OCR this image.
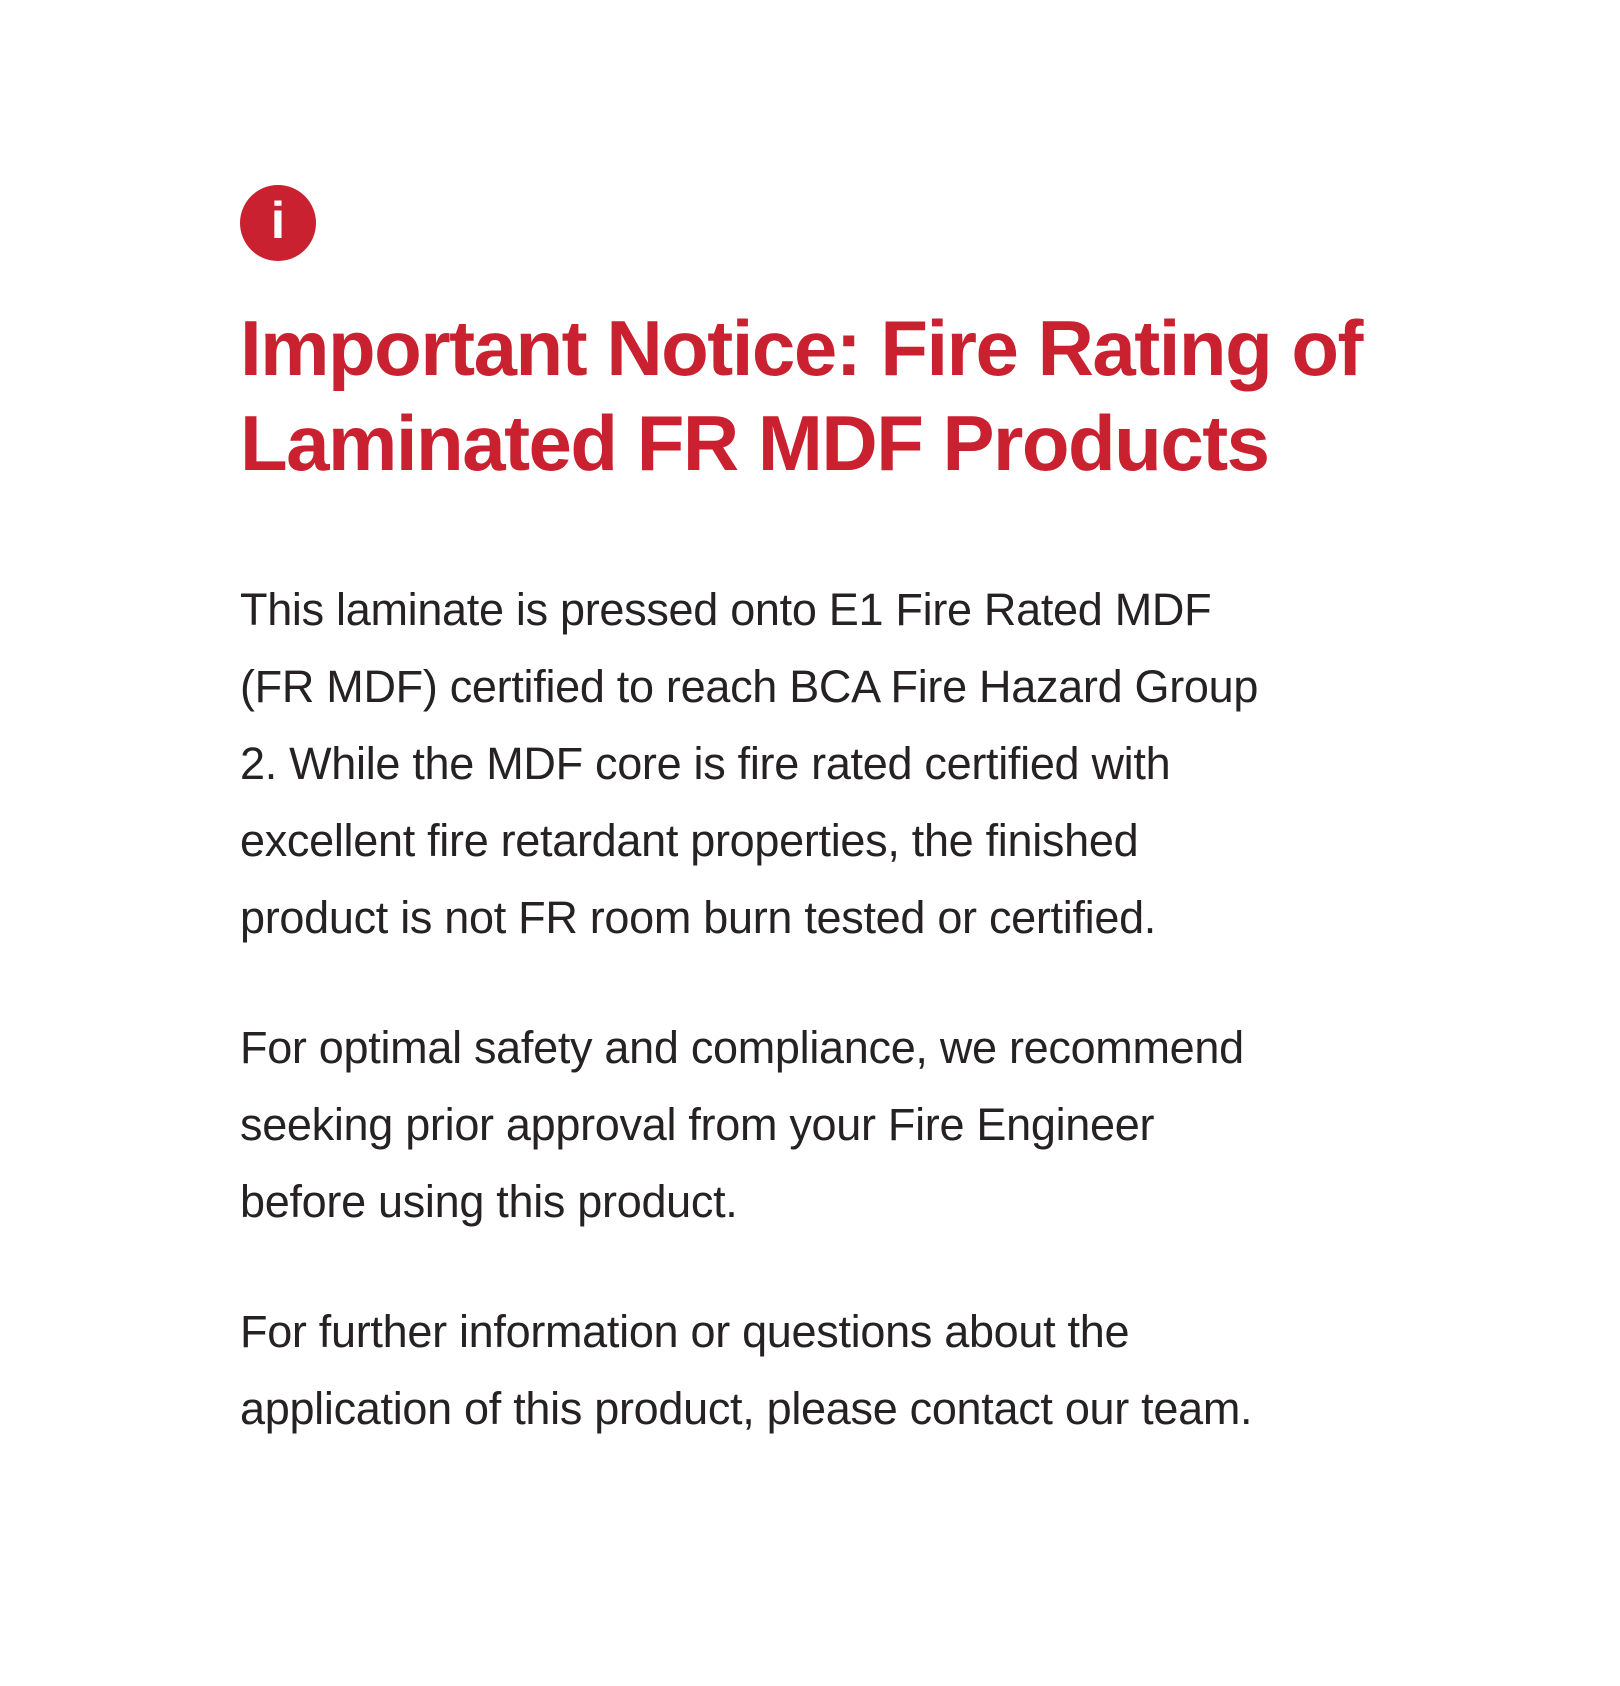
i
Important Notice: Fire Rating of
Laminated FR MDF Products

This laminate is pressed onto E1 Fire Rated MDF (FR MDF) certified to reach BCA Fire Hazard Group 2. While the MDF core is fire rated certified with excellent fire retardant properties, the finished product is not FR room burn tested or certified.

For optimal safety and compliance, we recommend seeking prior approval from your Fire Engineer before using this product.

For further information or questions about the application of this product, please contact our team.
